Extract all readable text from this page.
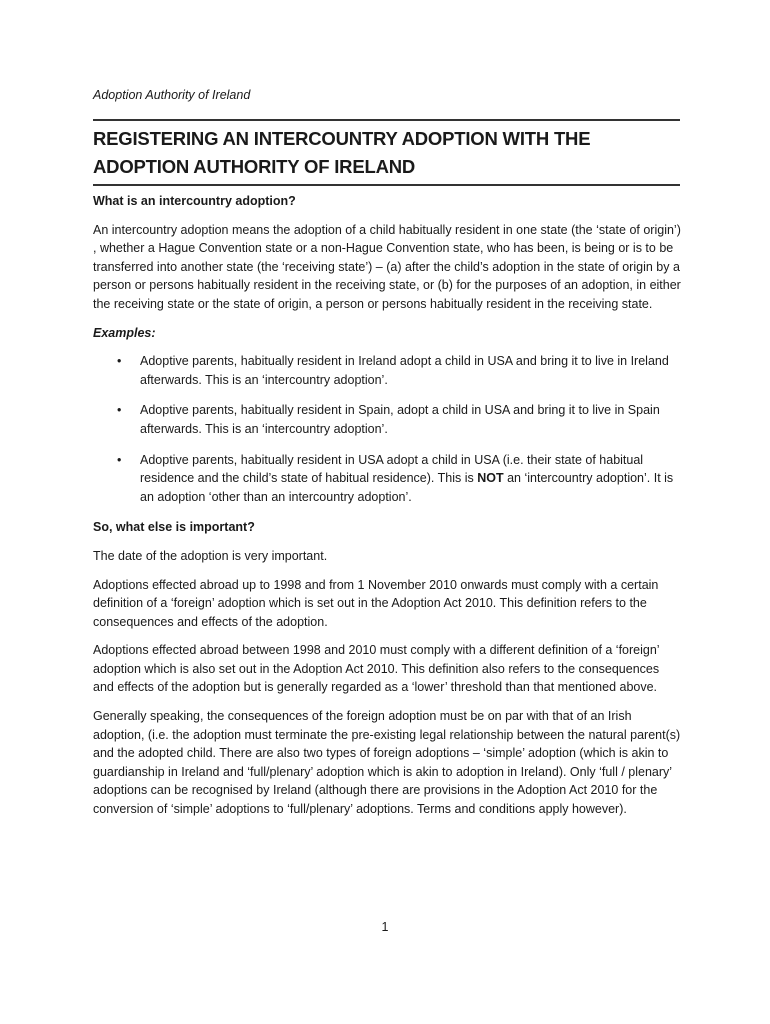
Adoption Authority of Ireland
REGISTERING AN INTERCOUNTRY ADOPTION WITH THE ADOPTION AUTHORITY OF IRELAND

What is an intercountry adoption?

An intercountry adoption means the adoption of a child habitually resident in one state (the ‘state of origin’) , whether a Hague Convention state or a non-Hague Convention state, who has been, is being or is to be transferred into another state (the ‘receiving state’) – (a) after the child’s adoption in the state of origin by a person or persons habitually resident in the receiving state, or (b) for the purposes of an adoption, in either the receiving state or the state of origin, a person or persons habitually resident in the receiving state.

Examples:

• Adoptive parents, habitually resident in Ireland adopt a child in USA and bring it to live in Ireland afterwards. This is an ‘intercountry adoption’.
• Adoptive parents, habitually resident in Spain, adopt a child in USA and bring it to live in Spain afterwards. This is an ‘intercountry adoption’.
• Adoptive parents, habitually resident in USA adopt a child in USA (i.e. their state of habitual residence and the child’s state of habitual residence). This is NOT an ‘intercountry adoption’. It is an adoption ‘other than an intercountry adoption’.

So, what else is important?

The date of the adoption is very important.

Adoptions effected abroad up to 1998 and from 1 November 2010 onwards must comply with a certain definition of a ‘foreign’ adoption which is set out in the Adoption Act 2010. This definition refers to the consequences and effects of the adoption.

Adoptions effected abroad between 1998 and 2010 must comply with a different definition of a ‘foreign’ adoption which is also set out in the Adoption Act 2010. This definition also refers to the consequences and effects of the adoption but is generally regarded as a ‘lower’ threshold than that mentioned above.

Generally speaking, the consequences of the foreign adoption must be on par with that of an Irish adoption, (i.e. the adoption must terminate the pre-existing legal relationship between the natural parent(s) and the adopted child. There are also two types of foreign adoptions – ‘simple’ adoption (which is akin to guardianship in Ireland and ‘full/plenary’ adoption which is akin to adoption in Ireland). Only ‘full / plenary’ adoptions can be recognised by Ireland (although there are provisions in the Adoption Act 2010 for the conversion of ‘simple’ adoptions to ‘full/plenary’ adoptions. Terms and conditions apply however).

1
